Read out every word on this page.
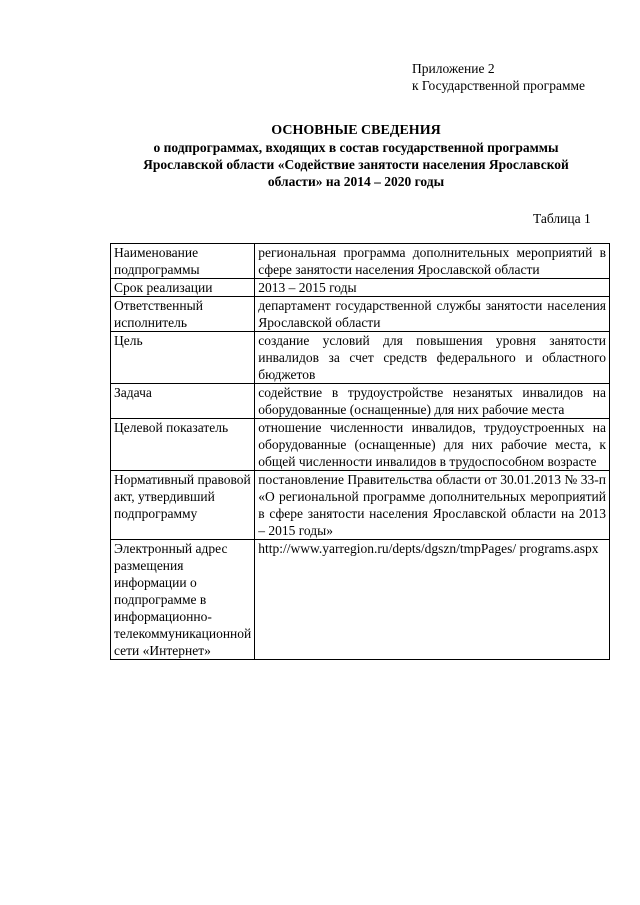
Приложение 2
к Государственной программе
ОСНОВНЫЕ СВЕДЕНИЯ
о подпрограммах, входящих в состав государственной программы
Ярославской области «Содействие занятости населения Ярославской
области» на 2014 – 2020 годы
Таблица 1
Наименование подпрограммы	региональная программа дополнительных мероприятий в сфере занятости населения Ярославской области
Срок реализации	2013 – 2015 годы
Ответственный исполнитель	департамент государственной службы занятости населения Ярославской области
Цель	создание условий для повышения уровня занятости инвалидов за счет средств федерального и областного бюджетов
Задача	содействие в трудоустройстве незанятых инвалидов на оборудованные (оснащенные) для них рабочие места
Целевой показатель	отношение численности инвалидов, трудоустроенных на оборудованные (оснащенные) для них рабочие места, к общей численности инвалидов в трудоспособном возрасте
Нормативный правовой акт, утвердивший подпрограмму	постановление Правительства области от 30.01.2013 № 33-п «О региональной программе дополнительных мероприятий в сфере занятости населения Ярославской области на 2013 – 2015 годы»
Электронный адрес размещения информации о подпрограмме в информационно-телекоммуникационной сети «Интернет»	http://www.yarregion.ru/depts/dgszn/tmpPages/ programs.aspx
